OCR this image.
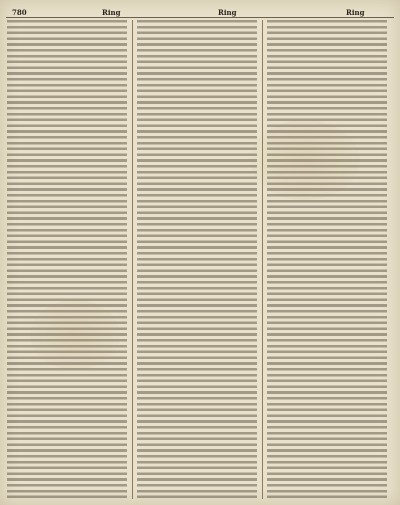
780	Ring	Ring	Ring
